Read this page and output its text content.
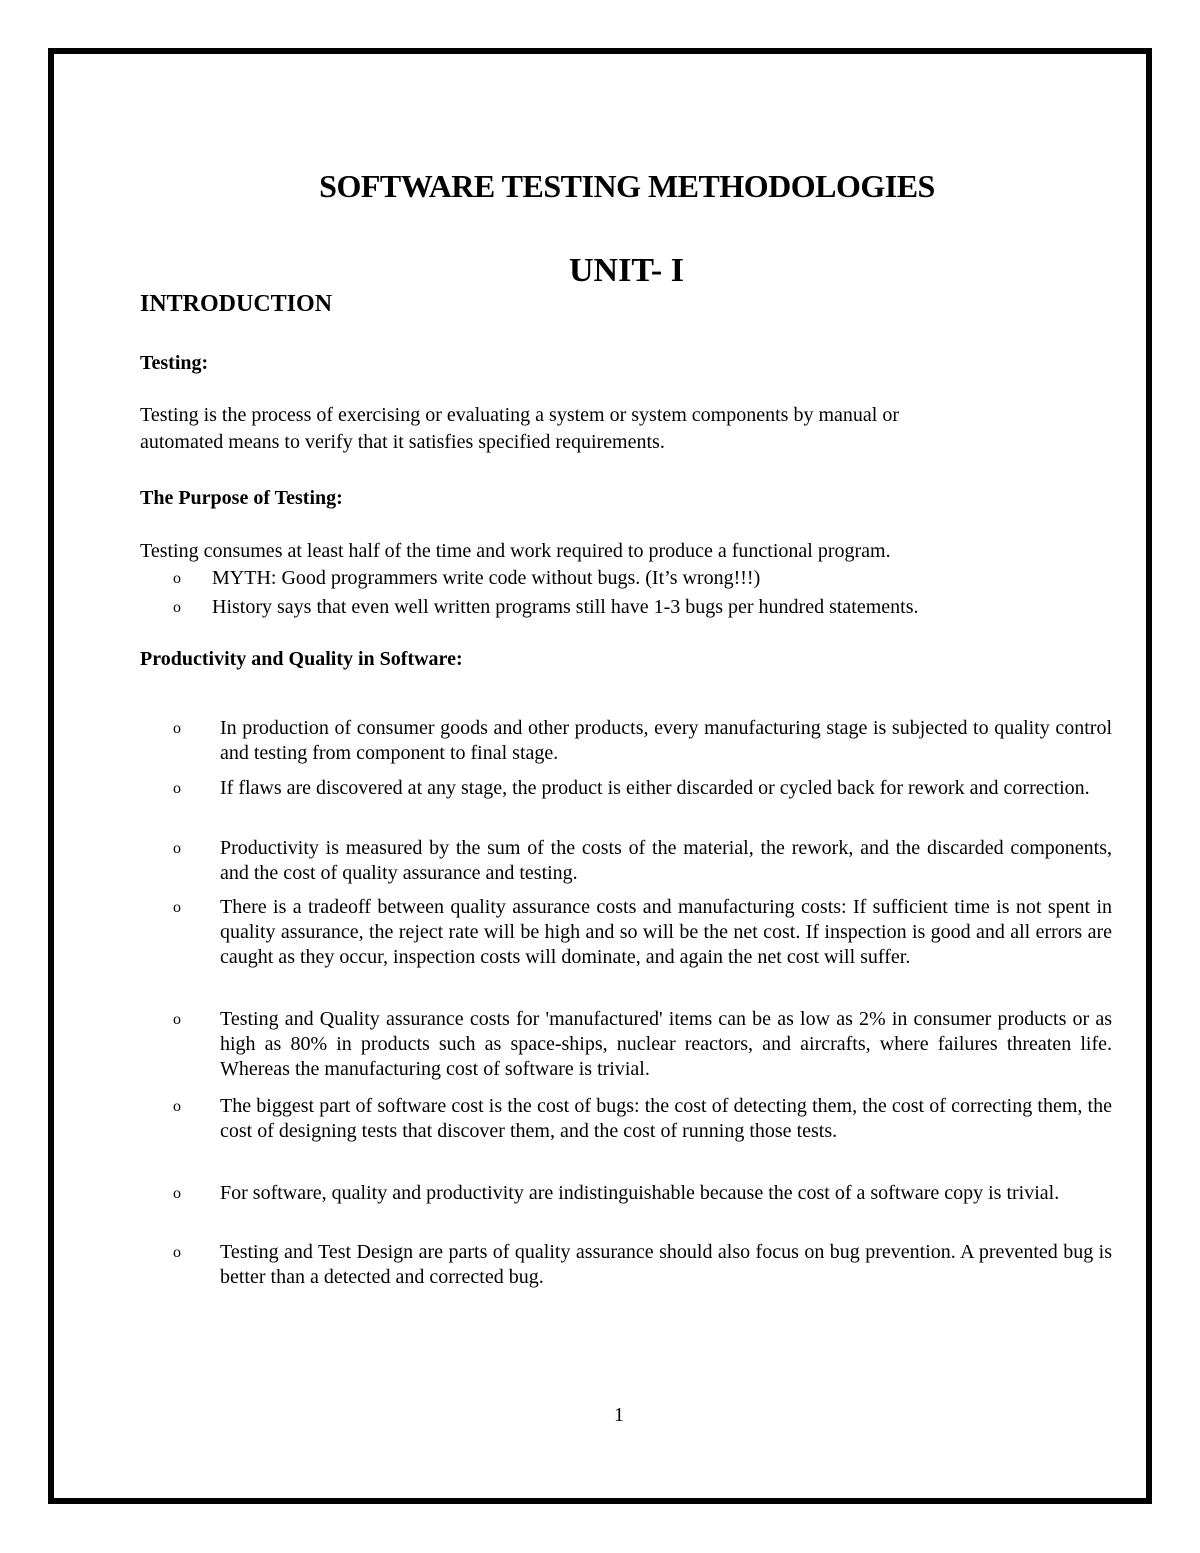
SOFTWARE TESTING METHODOLOGIES
UNIT- I
INTRODUCTION
Testing:
Testing is the process of exercising or evaluating a system or system components by manual or
automated means to verify that it satisfies specified requirements.
The Purpose of Testing:
Testing consumes at least half of the time and work required to produce a functional program.
o MYTH: Good programmers write code without bugs. (It’s wrong!!!)
o History says that even well written programs still have 1-3 bugs per hundred statements.
Productivity and Quality in Software:
o In production of consumer goods and other products, every manufacturing stage is subjected to quality control and testing from component to final stage.
o If flaws are discovered at any stage, the product is either discarded or cycled back for rework and correction.
o Productivity is measured by the sum of the costs of the material, the rework, and the discarded components, and the cost of quality assurance and testing.
o There is a tradeoff between quality assurance costs and manufacturing costs: If sufficient time is not spent in quality assurance, the reject rate will be high and so will be the net cost. If inspection is good and all errors are caught as they occur, inspection costs will dominate, and again the net cost will suffer.
o Testing and Quality assurance costs for 'manufactured' items can be as low as 2% in consumer products or as high as 80% in products such as space-ships, nuclear reactors, and aircrafts, where failures threaten life. Whereas the manufacturing cost of software is trivial.
o The biggest part of software cost is the cost of bugs: the cost of detecting them, the cost of correcting them, the cost of designing tests that discover them, and the cost of running those tests.
o For software, quality and productivity are indistinguishable because the cost of a software copy is trivial.
o Testing and Test Design are parts of quality assurance should also focus on bug prevention. A prevented bug is better than a detected and corrected bug.
1
